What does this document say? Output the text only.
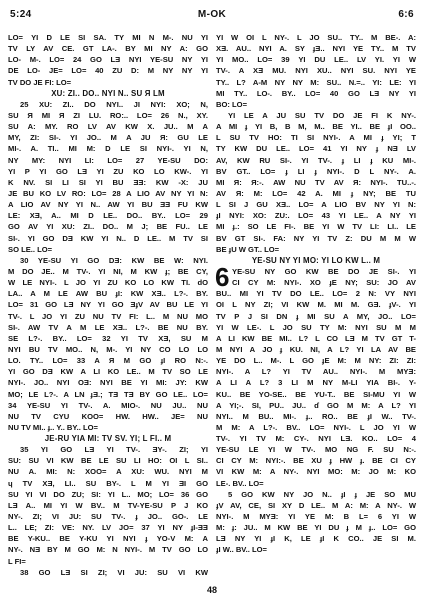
5:24	M-OK	6:6
LO= YI D LE SI SA. TY MI N M-. NU YI
TV LY AV CE. GT LA-. BY MI NY A: GO
LO- M-. LO= 24 GO LƎ NYI YE-SU NY YI
DE LO- JE= LO= 40 ZU D: M NY NY YI
TV DO JE FI: LO=
XU: ZI.. DO.. NYI N.. SU Я LM
25 XU: ZI.. DO NYI.. JI NYI: XO; N,
SU Я MI Я ZI LU. RO:.. LO= 26 N., XY.
SU A: MY. RO LV AV KW X. JU.. M A
MY, ZI: SI-. YI JO.. M A JU Я: GU LE
MI-. A. TI.. MI M: D LE SI NYI-. YI N,
NY MY: NYI LI: LO= 27 YE-SU DO:
YI P YI GO LƎ YI ZU KO LO KW-. YI
K NV. SI LI SI YI BU ƎƎ: KW -X: JU
JE BU KO LV RO: LO= 28 A LIO AV NY YI N:
A LIO AV NY YI N.. AW YI BU ƎƎ FU KW
LE: XƎ, A.. MI D LE.. DO.. BY.. LO= 29
GO AV YI XU: ZI.. DO.. M J; BE FU.. LE
SI-. YI GO DƎ KW YI N.. D LE.. M TV SI
SO LE.. LO=
30 YE-SU YI GO DƎ: KW BE W: NYI.
M DO JE.. M TV-. YI NI, M KW ɟ; BE CY,
W LE NYI-. L JO YI ZU KO LO KW TI. dO
LA.. A M LE AW BU ɟI: KW XƎ.. L?-. BY.
LO= 31 GO LƎ NY YI GO ƎɟV AV BU LE YI
TV-. L JO YI ZU NU TV FI: L.. M NU MO
SI-. AW TV A M LE XƎ.. L?-. BE NU BY.
SE L?-. BY.. LO= 32 YI TV XƎ, SU M
NYI BU TV MO.. N, M-. YI NY CO LO LO
LO. TY.. LO= 33 A Я M GO ɟI RO N:-.
YI GO DƎ KW A LI KO LE.. M TV SO LE
NYI-. JO.. NYI OƎ: NYI BE YI MI: JY: KW
MO; LE L?-. A LN ɟƎ.; TƎ TƎ BY GO LE.. LO=
34 YE-SU YI TV-. A. MIO-. NU JU.. NU
NU TV CYU KOO= HW. HW.. JE= NU
NU TV MI.. ɟ.. Y.. BY.. LO=
JE-RU YIA MI: TV SV. YI; L FI.. M
35 YI GO LƎ YI TV-. ƎY-. ZI; YI
SU: SU VI KW BE LE SU LI HO: OI L SI..
NU A. MI: N: XOO= A XU: WU. NYI M
ɥ TV XƎ, LI.. SU BY-. L M YI ƎI GO
SU YI VI DO ZU; SI: YI L.. MO; LO= 36 GO
LƎ A.. MI YI W BV.. M TV-YE-SU P J KO
NY-. ZI; VI JU: SU TV-. ɟ JO.. GO-. LE
L.. LE; ZI: VE: NY. LV JO= 37 YI NY ɟI-ƎƎ
BE Y-KU.. BE Y-KU YI NYI ɟ YO-V M: A
NY-. NƎ BY M GO M: N NYI-. M TV GO LO
L FI=
38 GO LƎ SI ZI; VI JU: SU VI KW
YI W OI L NY-. L JO SU.. TY.. M BE-. A:
XƎ. AU.. NYI A. SY ɟƎ.. NYI YE TY.. M TV
YI MO.. LO= 39 YI DU LE.. LV YI. YI W
TV-. A XƎ MU. NYI XU.. NYI SU. NYI YE
TY.. L? A-M NY NY M: SU.. N.=.. YI: LE: YI
MI TY.. LO-. BY.. LO= 40 GO LƎ NY YI
BO: LO=
YI LE A JU SU TV DO JE FI K NY-.
A MI ɟ YI B, B M, M.. BE YI.. BE ɟI OO..
L SU TV HO: TI SI NYI-. A MI ɟ YI; T
TY KW DU LE.. LO= 41 YI NY ɟ NƎ LV
AV, KW RU SI-. YI TV-. ɟ LI ɟ KU MI-.
BV GT.. LO= ɟ LI ɟ NYI-. D L NY-. A.
MI Я: Я:-. AW NU TV AV Я: NYI-. TU..-.
AV Я: M: LO= 42 A. MI ɟ NY; BE TU
L SI J GU XƎ.. LO= A LIO BV NY YI N:
ɟI NYI: XO: ZU:. LO= 43 YI LE.. A NY YI
MI ɟ.: SO LE FI-. BE YI W TV LI: LI.. LE
BV GT SI-. FA: NY YI TV Z: DU M M W
BE ɟU W GT.. LO=
YE-SU NY YI MO: YI LO KW L.. M
6 YE-SU NY GO KW BE DO JE SI-. YI
CI CY M: NYI-. XO ɟE NY; SU: JO AV
BU.. MI YI TV DO LE.. LO= 2 N: VY NYI
OI L NY ZI; VI KW M. MI M. GƎ. ɟV-. YI
TV P J SI DN ɟ MI SU A MY, JO.. LO=
YI W LE-. L JO SU TY M: NYI SU M M
A LI KW BE MI.. L? L CO LƎ M TV GT T-
M NYI A JO ɟ KU. NI, A L? YI LA AV BE
YE DO L.. M-. L GO ɟE M: M NY: ZI: ZI:
NYI-. A L? YI TV AU.. NYI-. M MYƎ:
A LI A L? 3 LI M NY M-LI YIA BI-. Y-
KU.. BE YO-SE.. BE YU-T.. BE SI-MU YI W
A YI;-. SI, PU.. JU.. ɗ GO M M: A L? YI
NYI.. M BU.. MI-. ɟ.. RO.. BE ɟI W.. TV-.
M M: A L?-. BV.. LO= NYI-. L JO YI W
TV-. YI TV M: CY-. NYI LƎ. KO.. LO= 4
YE-SU LE YI W TV-. MO NG F. SU N:-.
CI CY M: NYI:-. BE XU ɟ HW ɟ. BE CI CY
VI KW M: A NY-. NYI MO: M: JO M: KO
LE-. BV.. LO=
5 GO KW NY JO N.. ɟI ɟ JE SO MU
ɟV AV, CE, SI XY D LE.. M A: M: A NY-. W
NYI-. M MYƎ: YI YE M: B L= 6 YI W
M: ɟ: JU.. M KW BE YI DU ɟ M ɟ.. LO= GO
LƎ NY YI ɟI K, LE ɟI K CO.. JE SI M.
ɟI W.. BV.. LO=
48
